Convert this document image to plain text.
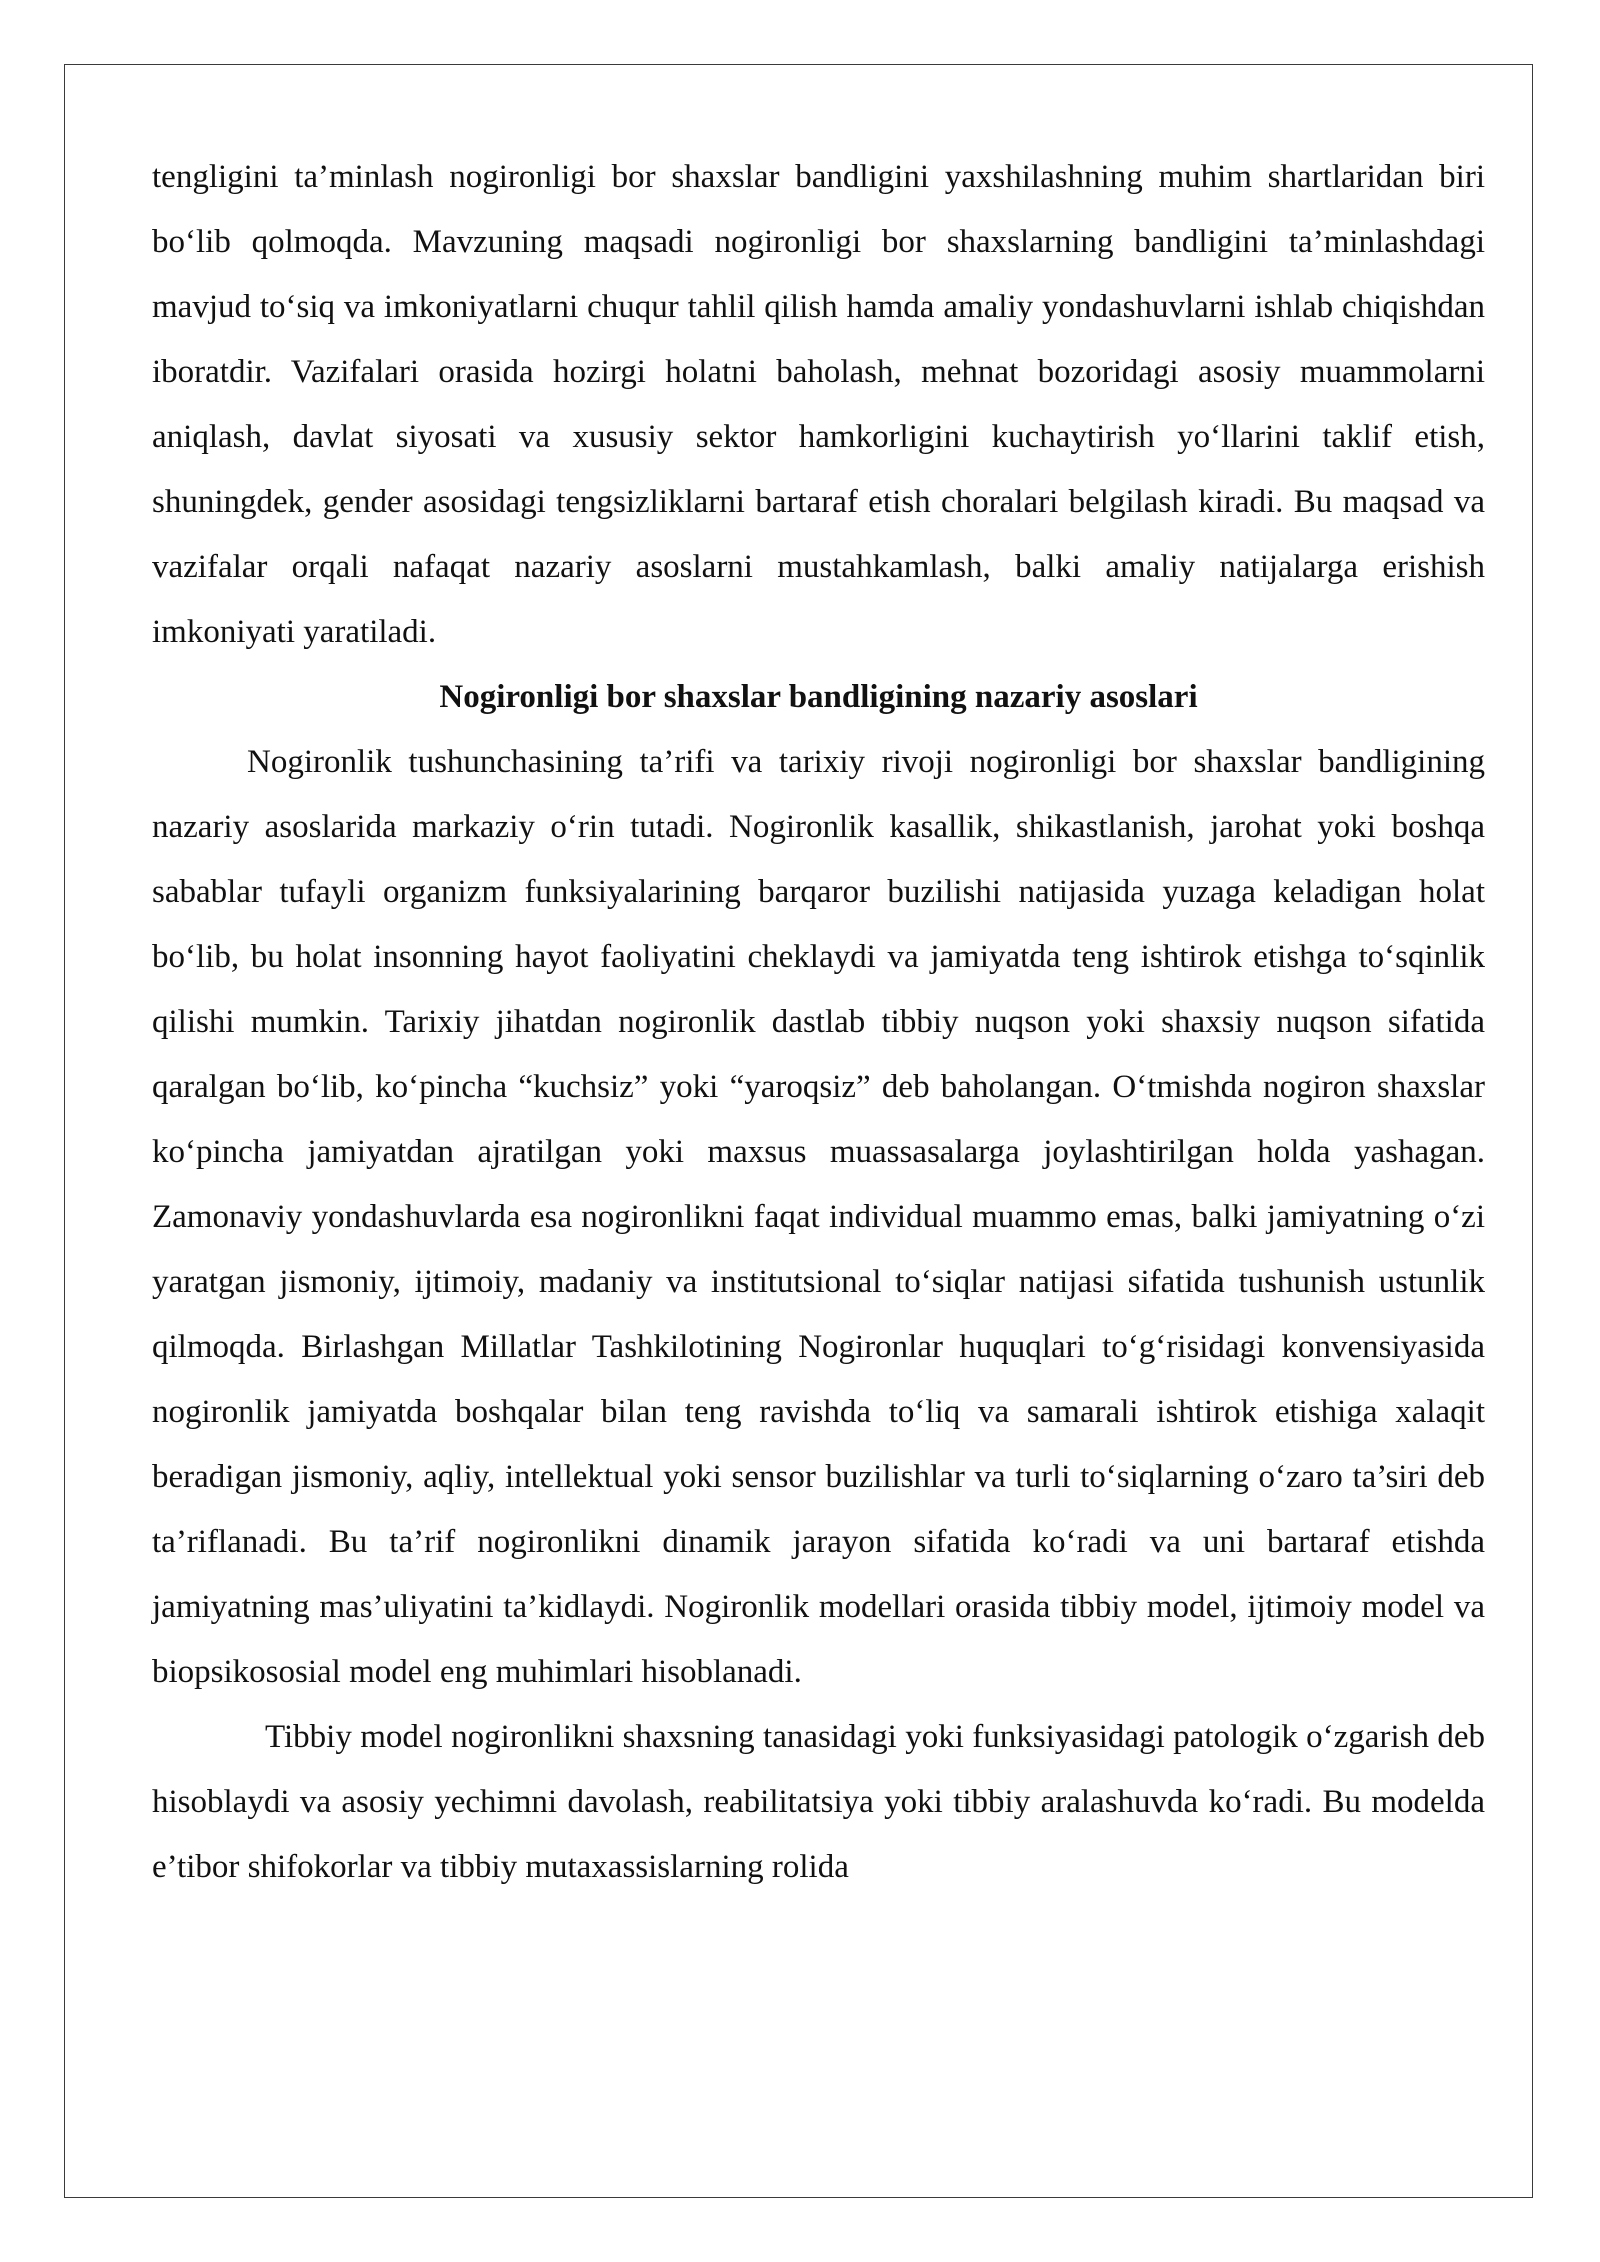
tengligini ta’minlash nogironligi bor shaxslar bandligini yaxshilashning muhim shartlaridan biri bo‘lib qolmoqda. Mavzuning maqsadi nogironligi bor shaxslarning bandligini ta’minlashdagi mavjud to‘siq va imkoniyatlarni chuqur tahlil qilish hamda amaliy yondashuvlarni ishlab chiqishdan iboratdir. Vazifalari orasida hozirgi holatni baholash, mehnat bozoridagi asosiy muammolarni aniqlash, davlat siyosati va xususiy sektor hamkorligini kuchaytirish yo‘llarini taklif etish, shuningdek, gender asosidagi tengsizliklarni bartaraf etish choralari belgilash kiradi. Bu maqsad va vazifalar orqali nafaqat nazariy asoslarni mustahkamlash, balki amaliy natijalarga erishish imkoniyati yaratiladi.

Nogironligi bor shaxslar bandligining nazariy asoslari

Nogironlik tushunchasining ta’rifi va tarixiy rivoji nogironligi bor shaxslar bandligining nazariy asoslarida markaziy o‘rin tutadi. Nogironlik kasallik, shikastlanish, jarohat yoki boshqa sabablar tufayli organizm funksiyalarining barqaror buzilishi natijasida yuzaga keladigan holat bo‘lib, bu holat insonning hayot faoliyatini cheklaydi va jamiyatda teng ishtirok etishga to‘sqinlik qilishi mumkin. Tarixiy jihatdan nogironlik dastlab tibbiy nuqson yoki shaxsiy nuqson sifatida qaralgan bo‘lib, ko‘pincha “kuchsiz” yoki “yaroqsiz” deb baholangan. O‘tmishda nogiron shaxslar ko‘pincha jamiyatdan ajratilgan yoki maxsus muassasalarga joylashtirilgan holda yashagan. Zamonaviy yondashuvlarda esa nogironlikni faqat individual muammo emas, balki jamiyatning o‘zi yaratgan jismoniy, ijtimoiy, madaniy va institutsional to‘siqlar natijasi sifatida tushunish ustunlik qilmoqda. Birlashgan Millatlar Tashkilotining Nogironlar huquqlari to‘g‘risidagi konvensiyasida nogironlik jamiyatda boshqalar bilan teng ravishda to‘liq va samarali ishtirok etishiga xalaqit beradigan jismoniy, aqliy, intellektual yoki sensor buzilishlar va turli to‘siqlarning o‘zaro ta’siri deb ta’riflanadi. Bu ta’rif nogironlikni dinamik jarayon sifatida ko‘radi va uni bartaraf etishda jamiyatning mas’uliyatini ta’kidlaydi. Nogironlik modellari orasida tibbiy model, ijtimoiy model va biopsikososial model eng muhimlari hisoblanadi.

Tibbiy model nogironlikni shaxsning tanasidagi yoki funksiyasidagi patologik o‘zgarish deb hisoblaydi va asosiy yechimni davolash, reabilitatsiya yoki tibbiy aralashuvda ko‘radi. Bu modelda e’tibor shifokorlar va tibbiy mutaxassislarning rolida
